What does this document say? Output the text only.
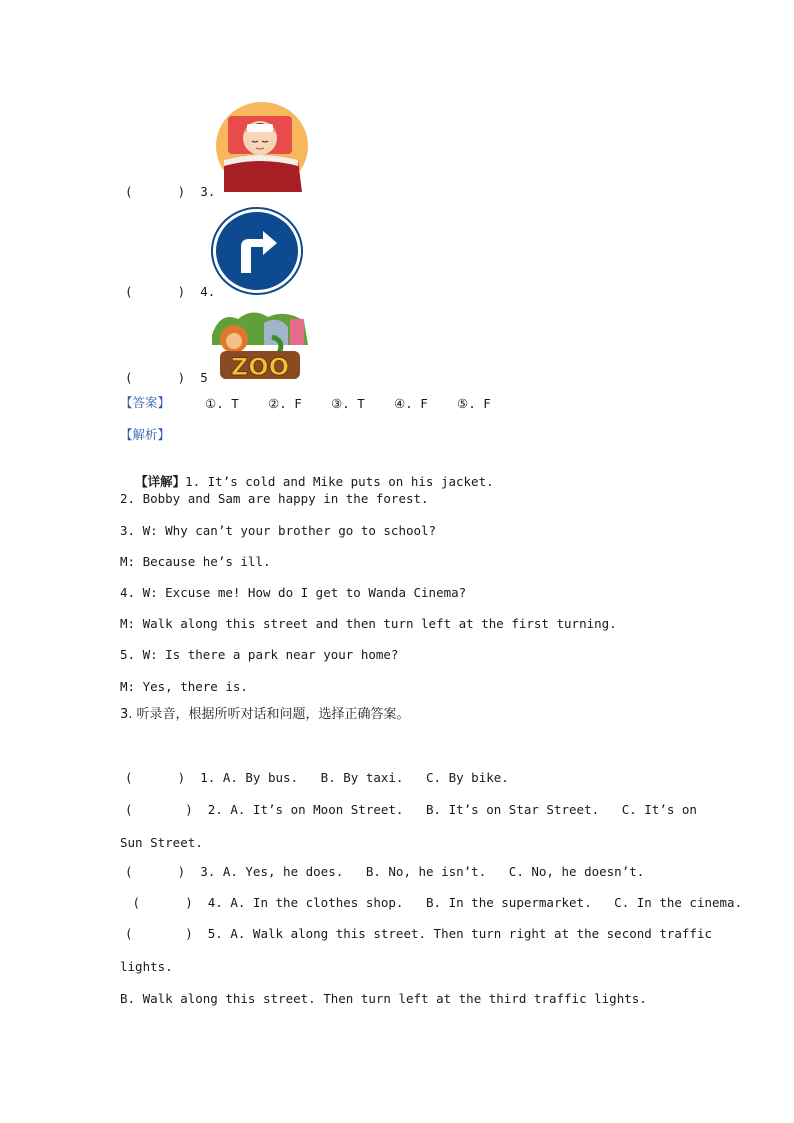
(      )  3.
(      )  4.
ZOO
(      )  5
【答案】	①. T ②. F ③. T ④. F ⑤. F
【解析】

【详解】1. It’s cold and Mike puts on his jacket.

2. Bobby and Sam are happy in the forest.
3. W: Why can’t your brother go to school?
M: Because he’s ill.
4. W: Excuse me! How do I get to Wanda Cinema?
M: Walk along this street and then turn left at the first turning.
5. W: Is there a park near your home?
M: Yes, there is.
3. 听录音，根据所听对话和问题，选择正确答案。
(      )  1. A. By bus.   B. By taxi.   C. By bike.
(       )  2. A. It’s on Moon Street.   B. It’s on Star Street.   C. It’s on
Sun Street.
(      )  3. A. Yes, he does.   B. No, he isn’t.   C. No, he doesn’t.
(      )  4. A. In the clothes shop.   B. In the supermarket.   C. In the cinema.
(       )  5. A. Walk along this street. Then turn right at the second traffic
lights.
B. Walk along this street. Then turn left at the third traffic lights.
